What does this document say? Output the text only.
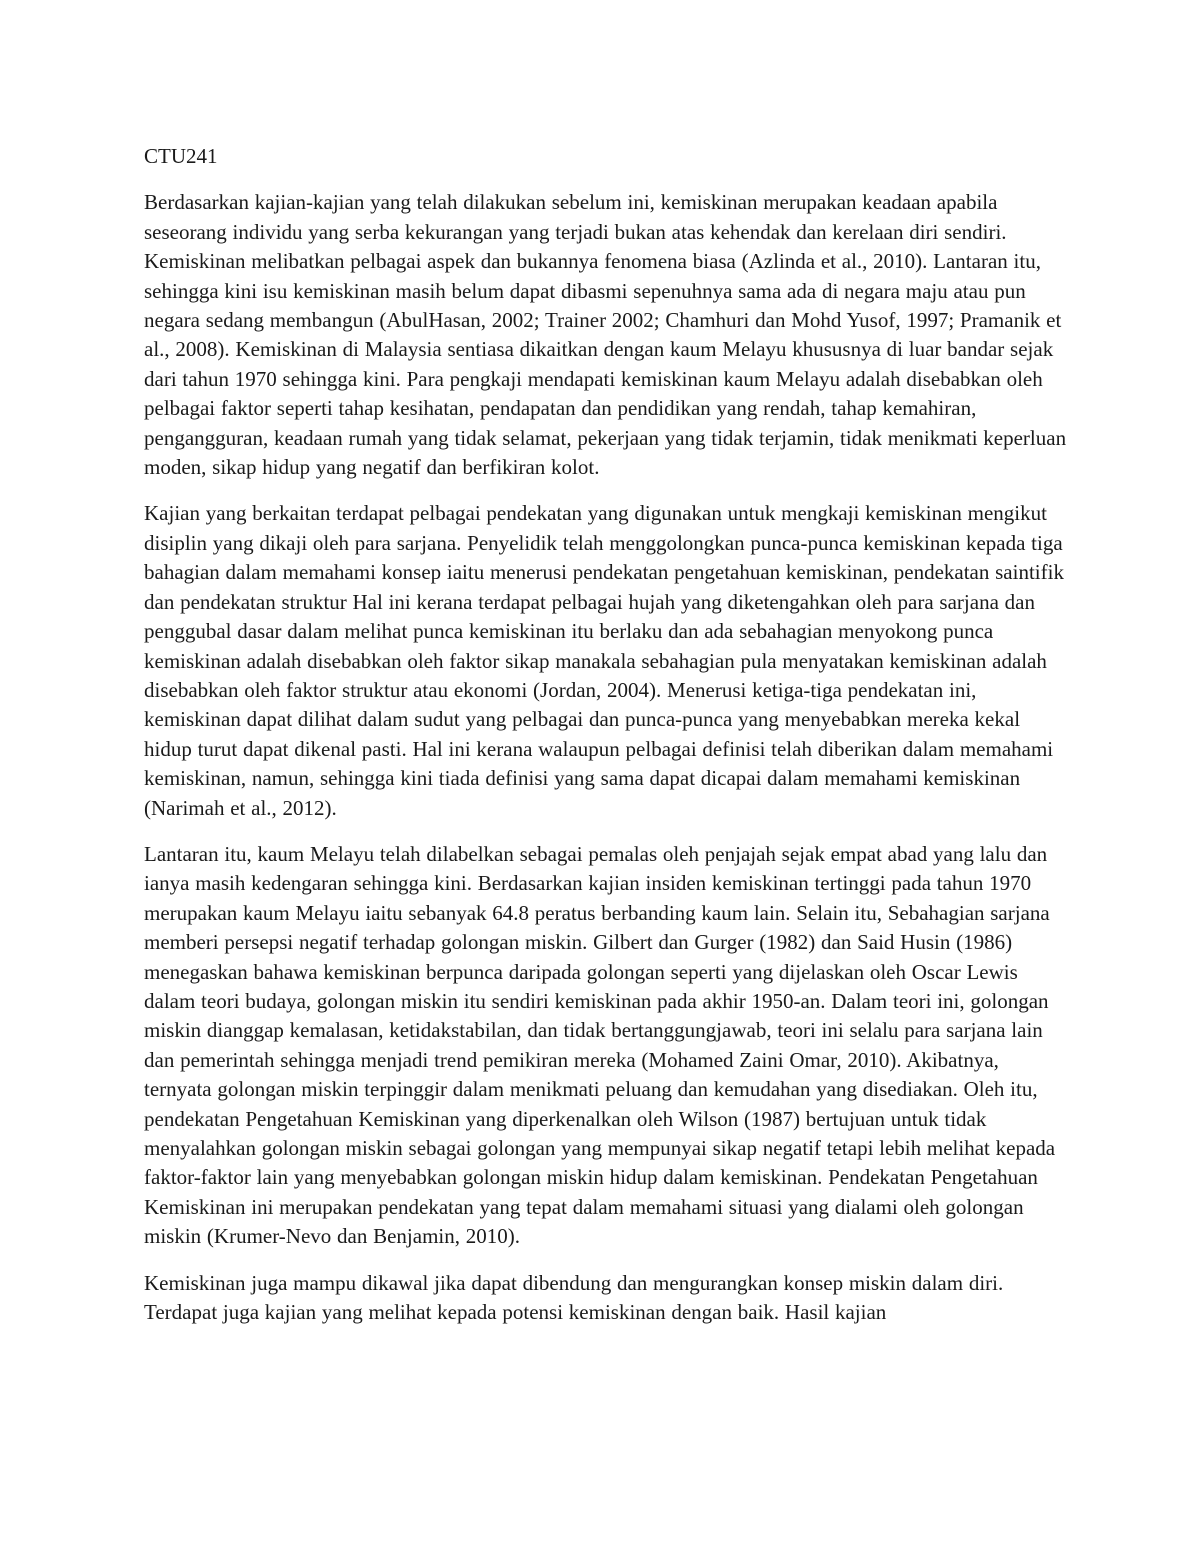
CTU241

Berdasarkan kajian-kajian yang telah dilakukan sebelum ini, kemiskinan merupakan keadaan apabila seseorang individu yang serba kekurangan yang terjadi bukan atas kehendak dan kerelaan diri sendiri. Kemiskinan melibatkan pelbagai aspek dan bukannya fenomena biasa (Azlinda et al., 2010). Lantaran itu, sehingga kini isu kemiskinan masih belum dapat dibasmi sepenuhnya sama ada di negara maju atau pun negara sedang membangun (AbulHasan, 2002; Trainer 2002; Chamhuri dan Mohd Yusof, 1997; Pramanik et al., 2008). Kemiskinan di Malaysia sentiasa dikaitkan dengan kaum Melayu khususnya di luar bandar sejak dari tahun 1970 sehingga kini. Para pengkaji mendapati kemiskinan kaum Melayu adalah disebabkan oleh pelbagai faktor seperti tahap kesihatan, pendapatan dan pendidikan yang rendah, tahap kemahiran, pengangguran, keadaan rumah yang tidak selamat, pekerjaan yang tidak terjamin, tidak menikmati keperluan moden, sikap hidup yang negatif dan berfikiran kolot.

Kajian yang berkaitan terdapat pelbagai pendekatan yang digunakan untuk mengkaji kemiskinan mengikut disiplin yang dikaji oleh para sarjana. Penyelidik telah menggolongkan punca-punca kemiskinan kepada tiga bahagian dalam memahami konsep iaitu menerusi pendekatan pengetahuan kemiskinan, pendekatan saintifik dan pendekatan struktur Hal ini kerana terdapat pelbagai hujah yang diketengahkan oleh para sarjana dan penggubal dasar dalam melihat punca kemiskinan itu berlaku dan ada sebahagian menyokong punca kemiskinan adalah disebabkan oleh faktor sikap manakala sebahagian pula menyatakan kemiskinan adalah disebabkan oleh faktor struktur atau ekonomi (Jordan, 2004). Menerusi ketiga-tiga pendekatan ini, kemiskinan dapat dilihat dalam sudut yang pelbagai dan punca-punca yang menyebabkan mereka kekal hidup turut dapat dikenal pasti. Hal ini kerana walaupun pelbagai definisi telah diberikan dalam memahami kemiskinan, namun, sehingga kini tiada definisi yang sama dapat dicapai dalam memahami kemiskinan (Narimah et al., 2012).

Lantaran itu, kaum Melayu telah dilabelkan sebagai pemalas oleh penjajah sejak empat abad yang lalu dan ianya masih kedengaran sehingga kini. Berdasarkan kajian insiden kemiskinan tertinggi pada tahun 1970 merupakan kaum Melayu iaitu sebanyak 64.8 peratus berbanding kaum lain. Selain itu, Sebahagian sarjana memberi persepsi negatif terhadap golongan miskin. Gilbert dan Gurger (1982) dan Said Husin (1986) menegaskan bahawa kemiskinan berpunca daripada golongan seperti yang dijelaskan oleh Oscar Lewis dalam teori budaya, golongan miskin itu sendiri kemiskinan pada akhir 1950-an. Dalam teori ini, golongan miskin dianggap kemalasan, ketidakstabilan, dan tidak bertanggungjawab, teori ini selalu para sarjana lain dan pemerintah sehingga menjadi trend pemikiran mereka (Mohamed Zaini Omar, 2010). Akibatnya, ternyata golongan miskin terpinggir dalam menikmati peluang dan kemudahan yang disediakan. Oleh itu, pendekatan Pengetahuan Kemiskinan yang diperkenalkan oleh Wilson (1987) bertujuan untuk tidak menyalahkan golongan miskin sebagai golongan yang mempunyai sikap negatif tetapi lebih melihat kepada faktor-faktor lain yang menyebabkan golongan miskin hidup dalam kemiskinan. Pendekatan Pengetahuan Kemiskinan ini merupakan pendekatan yang tepat dalam memahami situasi yang dialami oleh golongan miskin (Krumer-Nevo dan Benjamin, 2010).

Kemiskinan juga mampu dikawal jika dapat dibendung dan mengurangkan konsep miskin dalam diri. Terdapat juga kajian yang melihat kepada potensi kemiskinan dengan baik. Hasil kajian
